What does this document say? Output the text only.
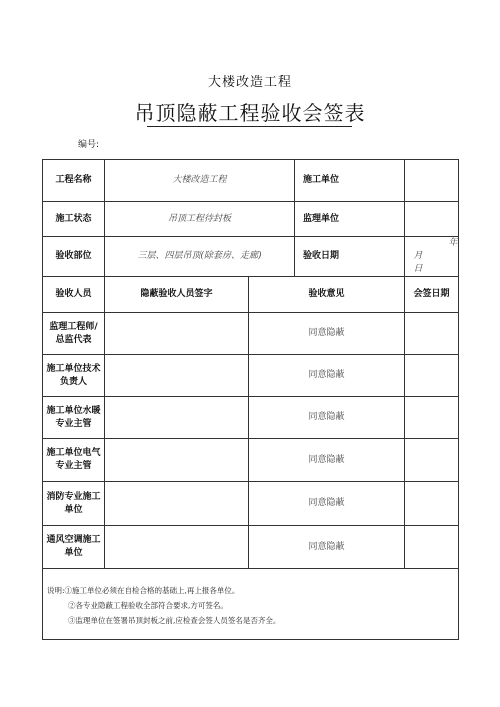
大楼改造工程
吊顶隐蔽工程验收会签表
编号:
工程名称	大楼改造工程		施工单位	
施工状态	吊顶工程待封板		监理单位	
验收部位	三层、四层吊顶(除套房、走廊)		验收日期	年 月 日
验收人员	隐蔽验收人员签字	验收意见		会签日期

监理工程师/
总监代表		同意隐蔽		

施工单位技术
负责人		同意隐蔽		

施工单位水暖
专业主管		同意隐蔽		

施工单位电气
专业主管		同意隐蔽		

消防专业施工
单位		同意隐蔽		

通风空调施工
单位		同意隐蔽		

说明:①施工单位必须在自检合格的基础上,再上报各单位。
②各专业隐蔽工程验收全部符合要求,方可签名。
③监理单位在签署吊顶封板之前,应检查会签人员签名是否齐全。				
